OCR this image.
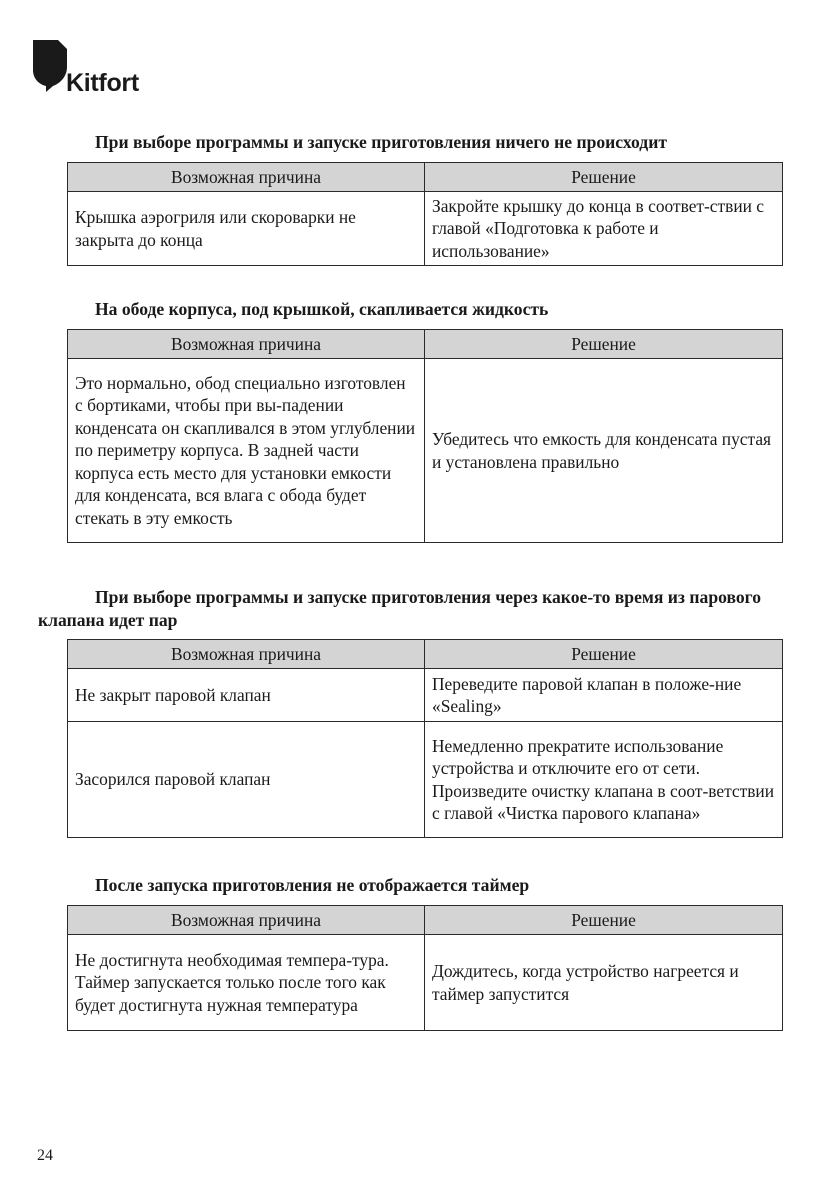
Kitfort
При выборе программы и запуске приготовления ничего не происходит
Возможная причина	Решение
Крышка аэрогриля или скороварки не закрыта до конца	Закройте крышку до конца в соответ-ствии с главой «Подготовка к работе и использование»
На ободе корпуса, под крышкой, скапливается жидкость
Возможная причина	Решение
Это нормально, обод специально изготовлен с бортиками, чтобы при вы-падении конденсата он скапливался в этом углублении по периметру корпуса. В задней части корпуса есть место для установки емкости для конденсата, вся влага с обода будет стекать в эту емкость	Убедитесь что емкость для конденсата пустая и установлена правильно
При выборе программы и запуске приготовления через какое-то время из парового клапана идет пар
Возможная причина	Решение
Не закрыт паровой клапан	Переведите паровой клапан в положе-ние «Sealing»
Засорился паровой клапан	Немедленно прекратите использование устройства и отключите его от сети. Произведите очистку клапана в соот-ветствии с главой «Чистка парового клапана»
После запуска приготовления не отображается таймер
Возможная причина	Решение
Не достигнута необходимая темпера-тура. Таймер запускается только после того как будет достигнута нужная температура	Дождитесь, когда устройство нагреется и таймер запустится
24
